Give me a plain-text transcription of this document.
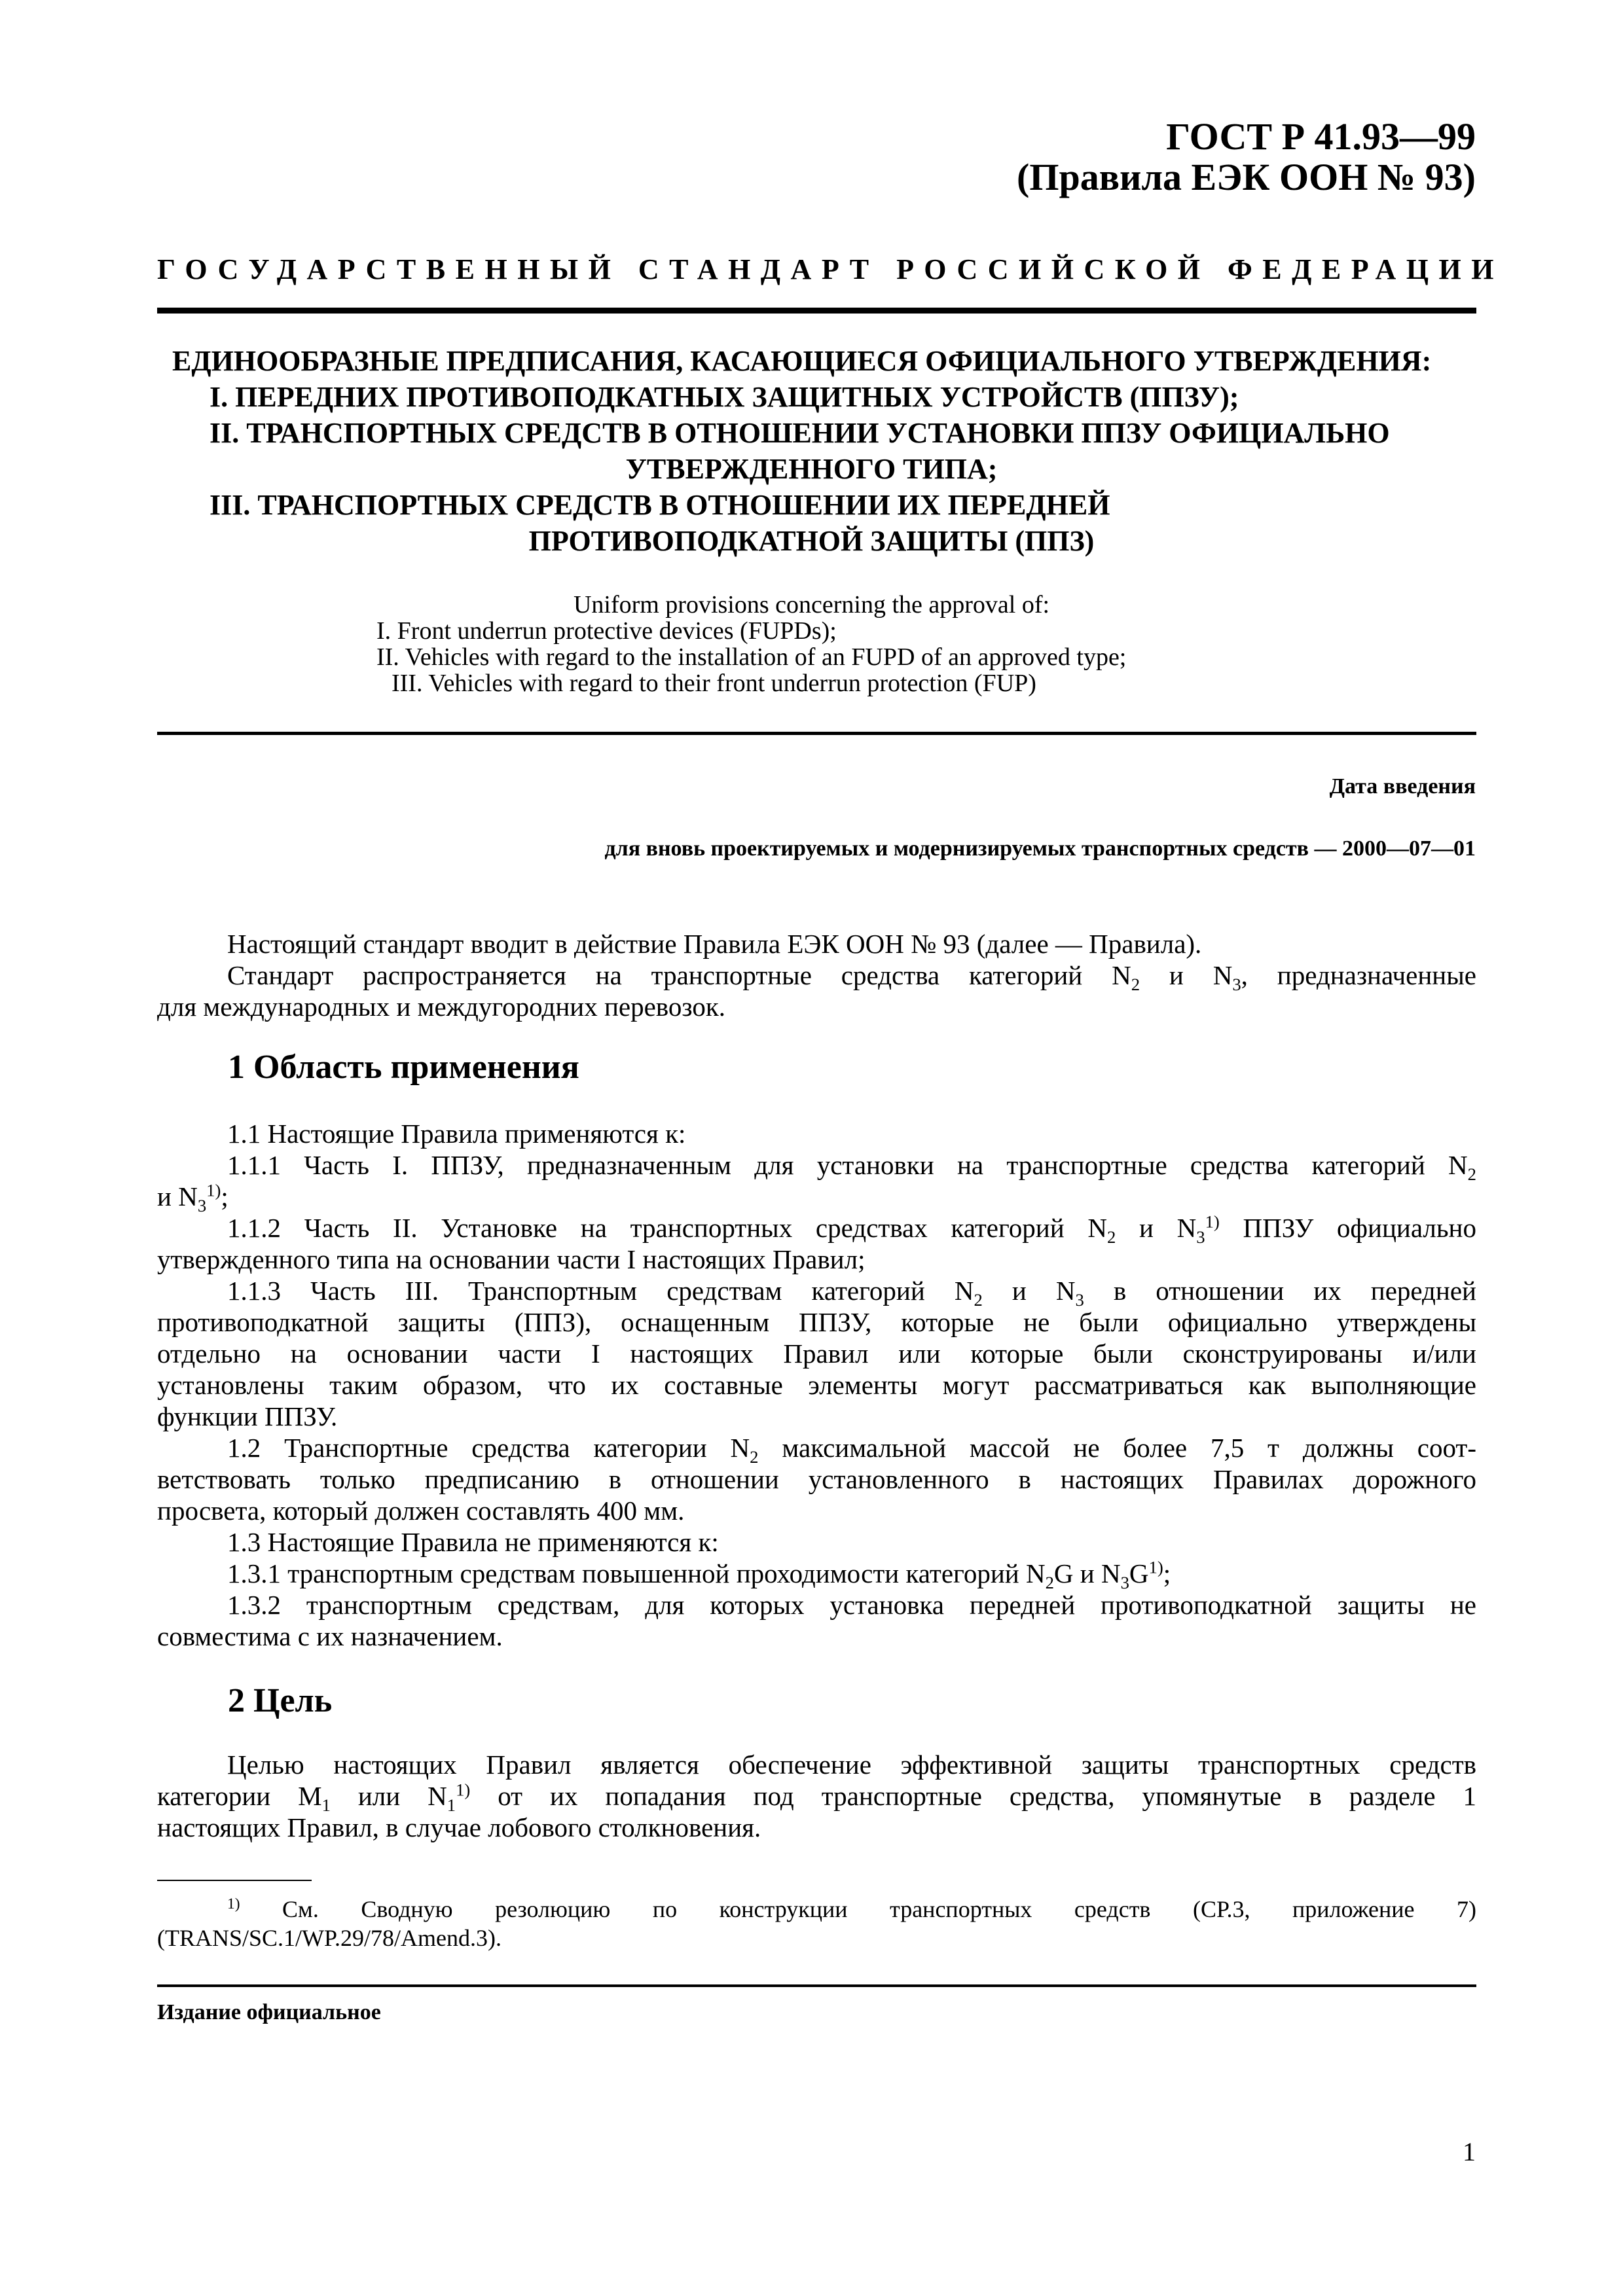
ГОСТ Р 41.93—99
(Правила ЕЭК ООН № 93)
ГОСУДАРСТВЕННЫЙ СТАНДАРТ РОССИЙСКОЙ ФЕДЕРАЦИИ
ЕДИНООБРАЗНЫЕ ПРЕДПИСАНИЯ, КАСАЮЩИЕСЯ ОФИЦИАЛЬНОГО УТВЕРЖДЕНИЯ:
I. ПЕРЕДНИХ ПРОТИВОПОДКАТНЫХ ЗАЩИТНЫХ УСТРОЙСТВ (ППЗУ);
II. ТРАНСПОРТНЫХ СРЕДСТВ В ОТНОШЕНИИ УСТАНОВКИ ППЗУ ОФИЦИАЛЬНО
УТВЕРЖДЕННОГО ТИПА;
III. ТРАНСПОРТНЫХ СРЕДСТВ В ОТНОШЕНИИ ИХ ПЕРЕДНЕЙ
ПРОТИВОПОДКАТНОЙ ЗАЩИТЫ (ППЗ)
Uniform provisions concerning the approval of:
I. Front underrun protective devices (FUPDs);
II. Vehicles with regard to the installation of an FUPD of an approved type;
III. Vehicles with regard to their front underrun protection (FUP)
Дата введения
для вновь проектируемых и модернизируемых транспортных средств — 2000—07—01
Настоящий стандарт вводит в действие Правила ЕЭК ООН № 93 (далее — Правила).
Стандарт распространяется на транспортные средства категорий $N_2$ и $N_3$, предназначенные
для международных и междугородних перевозок.
1 Область применения
1.1 Настоящие Правила применяются к:
1.1.1 Часть I. ППЗУ, предназначенным для установки на транспортные средства категорий $N_2$
и $N_3^{1)}$;
1.1.2 Часть II. Установке на транспортных средствах категорий $N_2$ и $N_3^{1)}$ ППЗУ официально
утвержденного типа на основании части I настоящих Правил;
1.1.3 Часть III. Транспортным средствам категорий $N_2$ и $N_3$ в отношении их передней
противоподкатной защиты (ППЗ), оснащенным ППЗУ, которые не были официально утверждены
отдельно на основании части I настоящих Правил или которые были сконструированы и/или
установлены таким образом, что их составные элементы могут рассматриваться как выполняющие
функции ППЗУ.
1.2 Транспортные средства категории $N_2$ максимальной массой не более 7,5 т должны соот-
ветствовать только предписанию в отношении установленного в настоящих Правилах дорожного
просвета, который должен составлять 400 мм.
1.3 Настоящие Правила не применяются к:
1.3.1 транспортным средствам повышенной проходимости категорий $N_2G$ и $N_3G^{1)}$;
1.3.2 транспортным средствам, для которых установка передней противоподкатной защиты не
совместима с их назначением.
2 Цель
Целью настоящих Правил является обеспечение эффективной защиты транспортных средств
категории $M_1$ или $N_1^{1)}$ от их попадания под транспортные средства, упомянутые в разделе 1
настоящих Правил, в случае лобового столкновения.
$^{1)}$ См. Сводную резолюцию по конструкции транспортных средств (СР.3, приложение 7)
(TRANS/SC.1/WP.29/78/Amend.3).
Издание официальное
1
